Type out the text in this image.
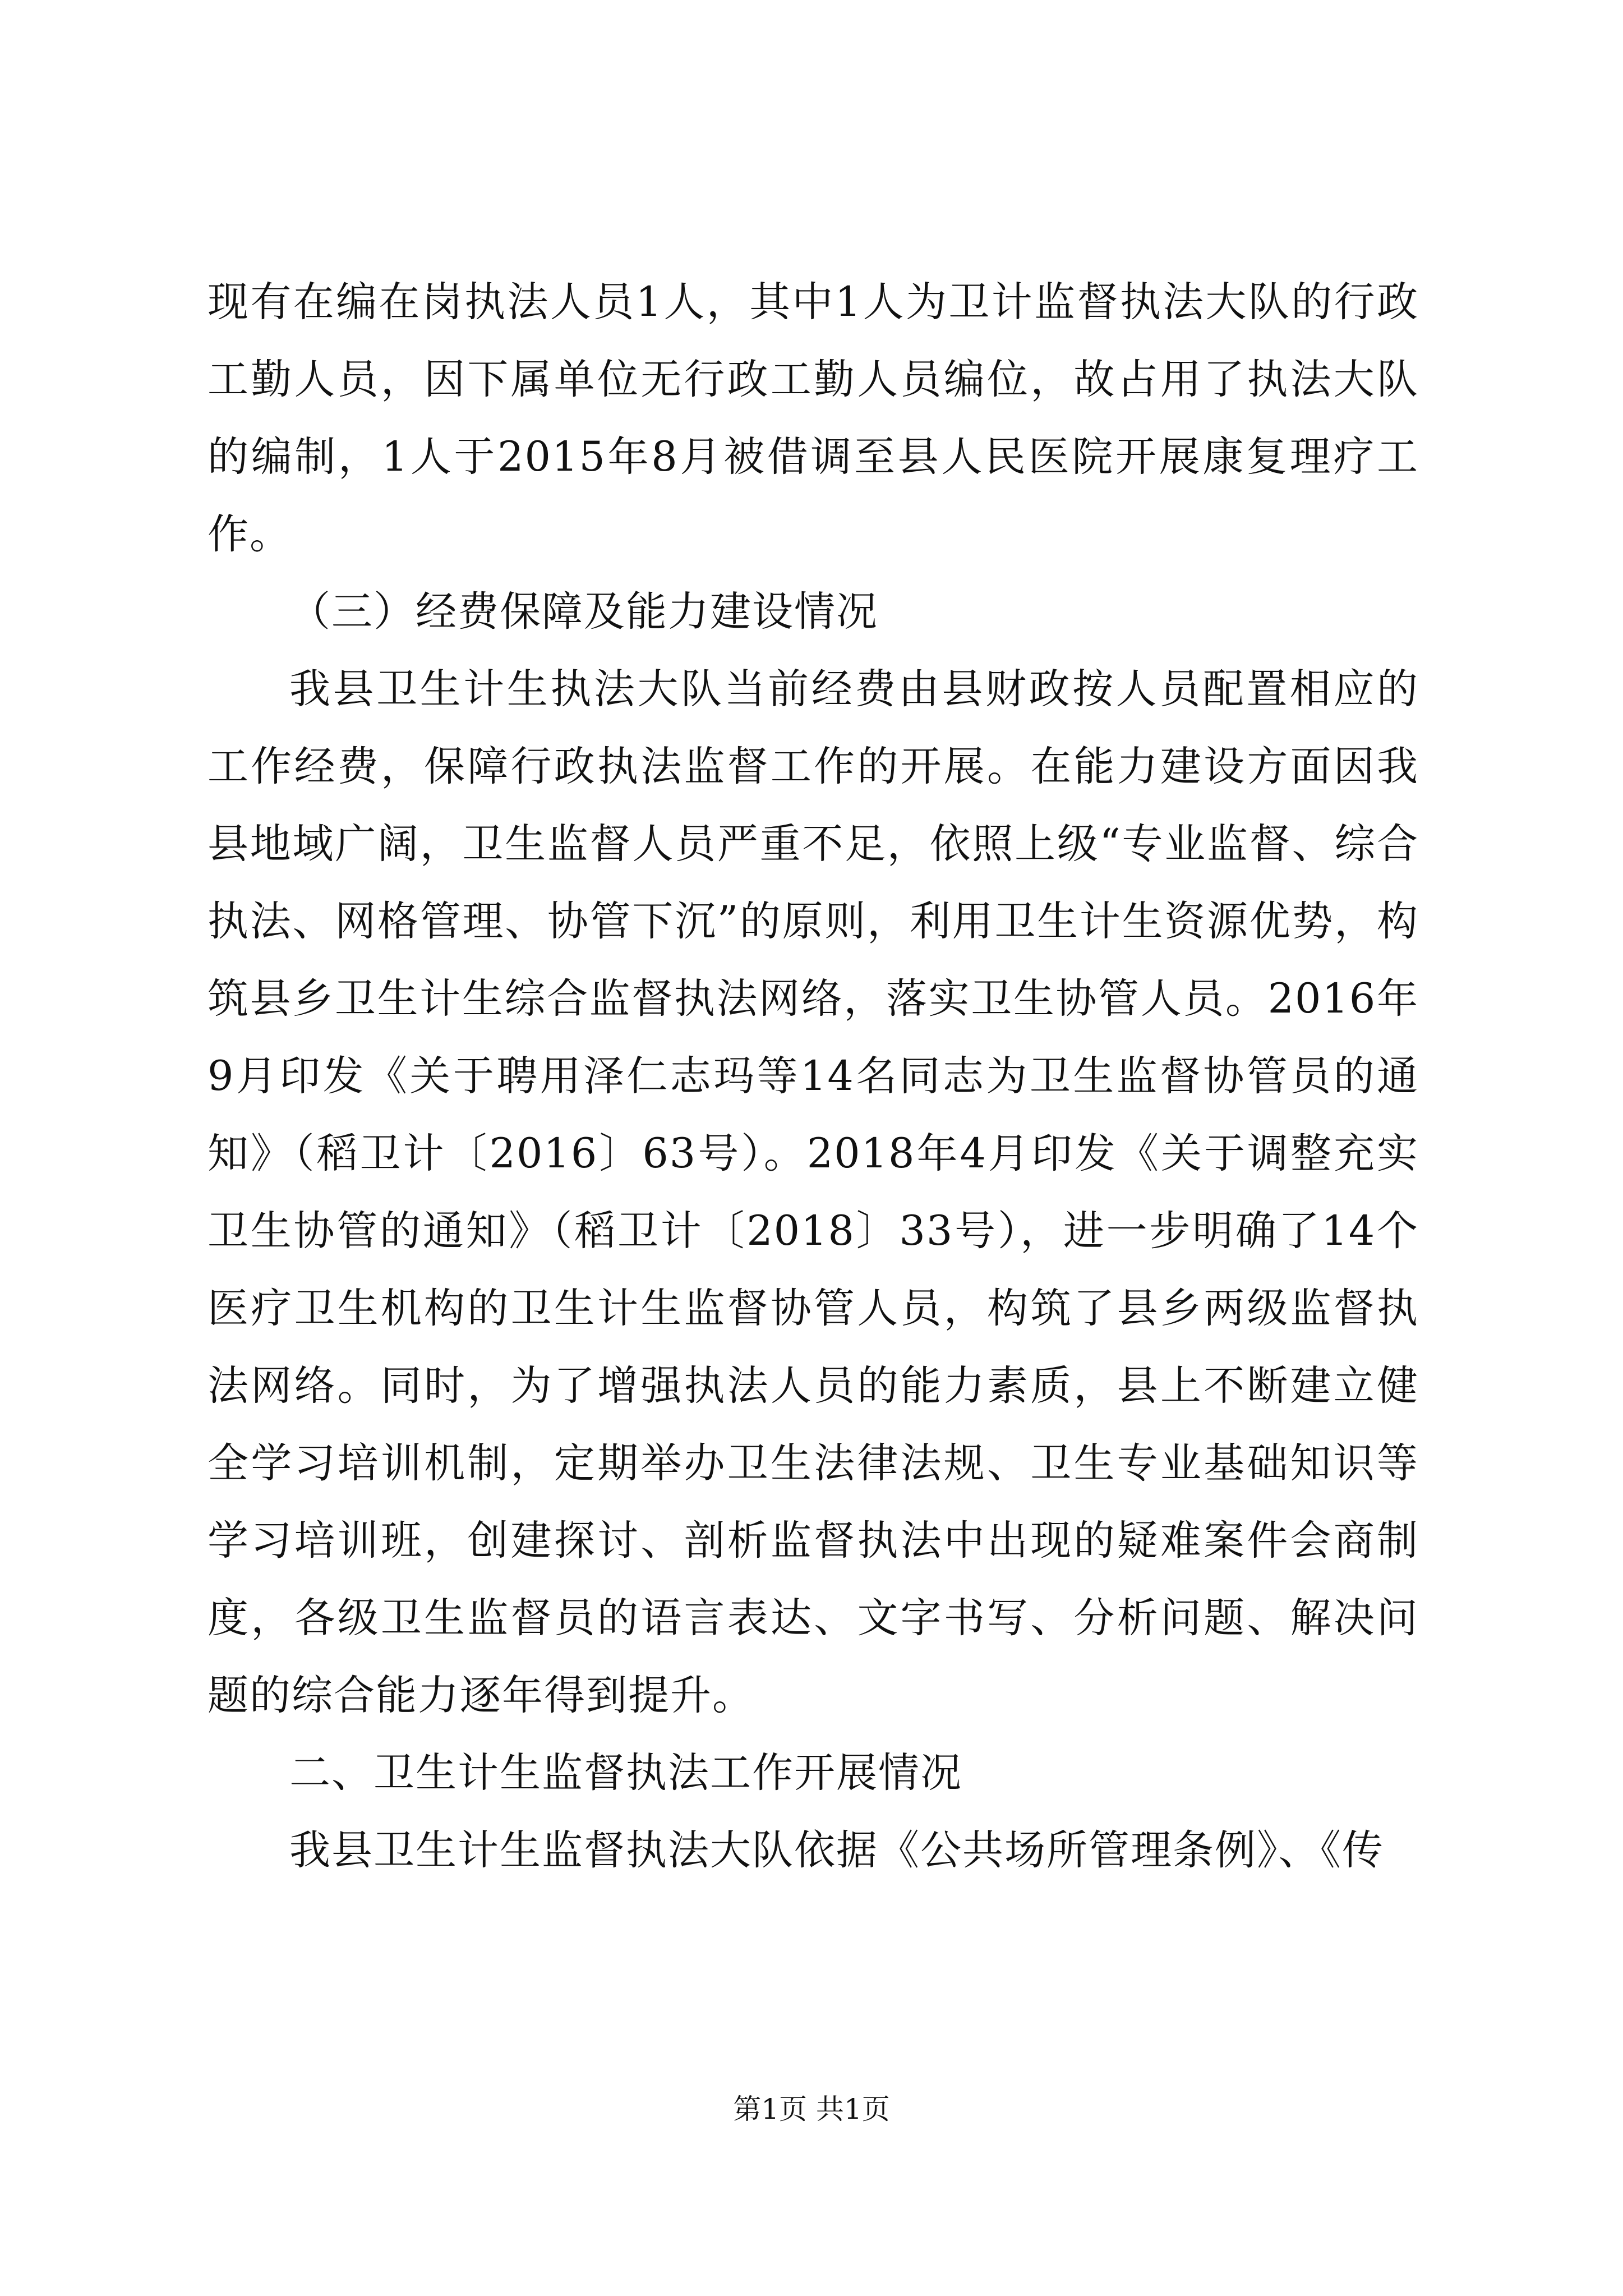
现有在编在岗执法人员1人，其中1人为卫计监督执法大队的行政工勤人员，因下属单位无行政工勤人员编位，故占用了执法大队的编制，1人于2015年8月被借调至县人民医院开展康复理疗工作。

（三）经费保障及能力建设情况

我县卫生计生执法大队当前经费由县财政按人员配置相应的工作经费，保障行政执法监督工作的开展。在能力建设方面因我县地域广阔，卫生监督人员严重不足，依照上级“专业监督、综合执法、网格管理、协管下沉”的原则，利用卫生计生资源优势，构筑县乡卫生计生综合监督执法网络，落实卫生协管人员。2016年9月印发《关于聘用泽仁志玛等14名同志为卫生监督协管员的通知》（稻卫计〔2016〕63号）。2018年4月印发《关于调整充实卫生协管的通知》（稻卫计〔2018〕33号），进一步明确了14个医疗卫生机构的卫生计生监督协管人员，构筑了县乡两级监督执法网络。同时，为了增强执法人员的能力素质，县上不断建立健全学习培训机制，定期举办卫生法律法规、卫生专业基础知识等学习培训班，创建探讨、剖析监督执法中出现的疑难案件会商制度，各级卫生监督员的语言表达、文字书写、分析问题、解决问题的综合能力逐年得到提升。

二、卫生计生监督执法工作开展情况

我县卫生计生监督执法大队依据《公共场所管理条例》、《传

第1页 共1页
